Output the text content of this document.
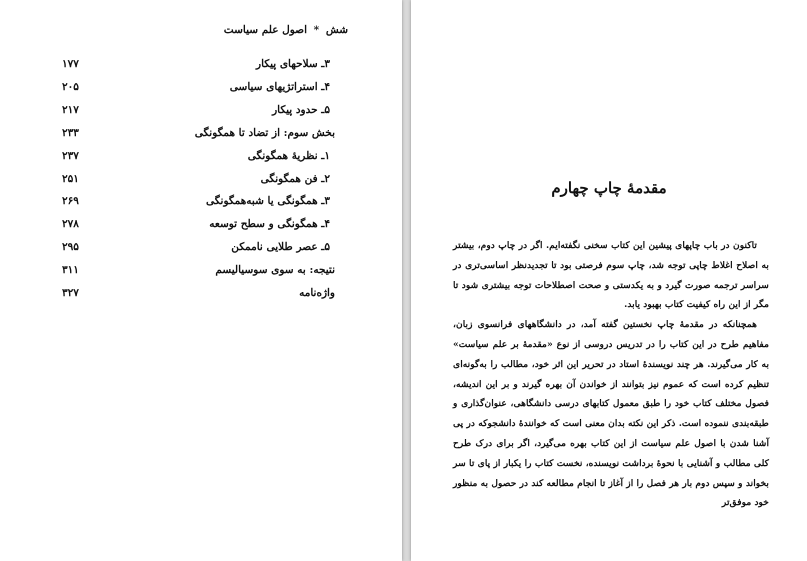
شش * اصول علم سیاست
۳ـ سلاحهای پیکار
۱۷۷
۴ـ استراتژیهای سیاسی
۲۰۵
۵ـ حدود پیکار
۲۱۷
بخش سوم: از تضاد تا همگونگی
۲۳۳
۱ـ نظریهٔ همگونگی
۲۳۷
۲ـ فن همگونگی
۲۵۱
۳ـ همگونگی یا شبه‌همگونگی
۲۶۹
۴ـ همگونگی و سطح توسعه
۲۷۸
۵ـ عصر طلایی ناممکن
۲۹۵
نتیجه: به سوی سوسیالیسم
۳۱۱
واژه‌نامه
۳۲۷
مقدمهٔ چاپ چهارم

تاکنون در باب چاپهای پیشین این کتاب سخنی نگفته‌ایم. اگر در چاپ دوم، بیشتر به اصلاح اغلاط چاپی توجه شد، چاپ سوم فرصتی بود تا تجدیدنظر اساسی‌تری در سراسر ترجمه صورت گیرد و به یکدستی و صحت اصطلاحات توجه بیشتری شود تا مگر از این راه کیفیت کتاب بهبود یابد.

همچنانکه در مقدمهٔ چاپ نخستین گفته آمد، در دانشگاههای فرانسوی زبان، مفاهیم طرح در این کتاب را در تدریس دروسی از نوع «مقدمهٔ بر علم سیاست» به کار می‌گیرند. هر چند نویسندهٔ استاد در تحریر این اثر خود، مطالب را به‌گونه‌ای تنظیم کرده است که عموم نیز بتوانند از خواندن آن بهره گیرند و بر این اندیشه، فصول مختلف کتاب خود را طبق معمول کتابهای درسی دانشگاهی، عنوان‌گذاری و طبقه‌بندی ننموده است. ذکر این نکته بدان معنی است که خوانندهٔ دانشجوکه در پی آشنا شدن با اصول علم سیاست از این کتاب بهره می‌گیرد، اگر برای درک طرح کلی مطالب و آشنایی با نحوهٔ برداشت نویسنده، نخست کتاب را یکبار از پای تا سر بخواند و سپس دوم بار هر فصل را از آغاز تا انجام مطالعه کند در حصول به منظور خود موفق‌تر
